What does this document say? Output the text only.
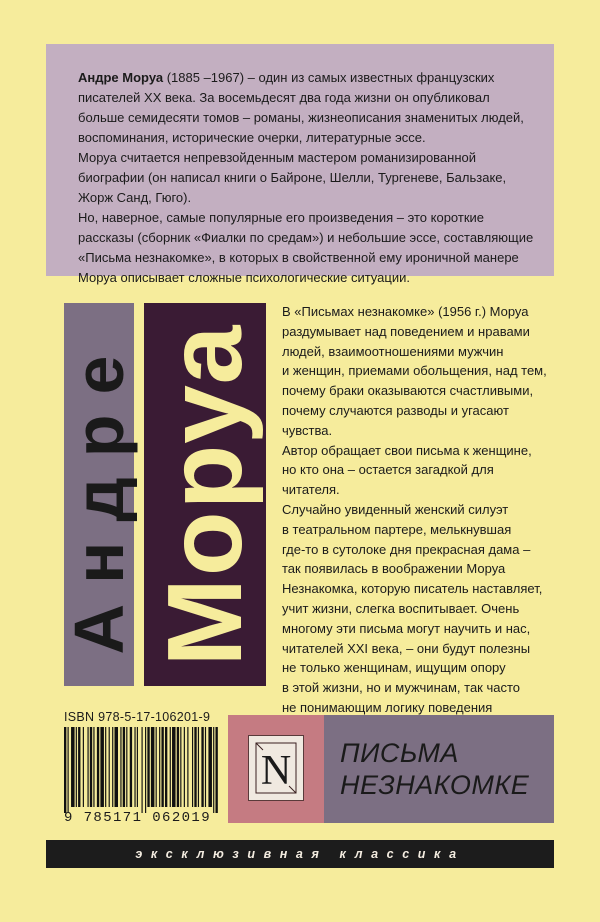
Андре Моруа (1885 –1967) – один из самых известных французских писателей XX века. За восемьдесят два года жизни он опубликовал больше семидесяти томов – романы, жизнеописания знаменитых людей, воспоминания, исторические очерки, литературные эссе.

Моруа считается непревзойденным мастером романизированной биографии (он написал книги о Байроне, Шелли, Тургеневе, Бальзаке, Жорж Санд, Гюго).

Но, наверное, самые популярные его произведения – это короткие рассказы (сборник «Фиалки по средам») и небольшие эссе, составляющие «Письма незнакомке», в которых в свойственной ему ироничной манере Моруа описывает сложные психологические ситуации.

Андре Моруа

В «Письмах незнакомке» (1956 г.) Моруа

раздумывает над поведением и нравами

людей, взаимоотношениями мужчин

и женщин, приемами обольщения, над тем,

почему браки оказываются счастливыми,

почему случаются разводы и угасают чувства.

Автор обращает свои письма к женщине,

но кто она – остается загадкой для читателя.

Случайно увиденный женский силуэт

в театральном партере, мелькнувшая

где-то в сутолоке дня прекрасная дама –

так появилась в воображении Моруа

Незнакомка, которую писатель наставляет,

учит жизни, слегка воспитывает. Очень

многому эти письма могут научить и нас,

читателей XXI века, – они будут полезны

не только женщинам, ищущим опору

в этой жизни, но и мужчинам, так часто

не понимающим логику поведения

ISBN 978-5-17-106201-9
9 785171 062019
N ПИСЬМА
НЕЗНАКОМКЕ
эксклюзивная классика
